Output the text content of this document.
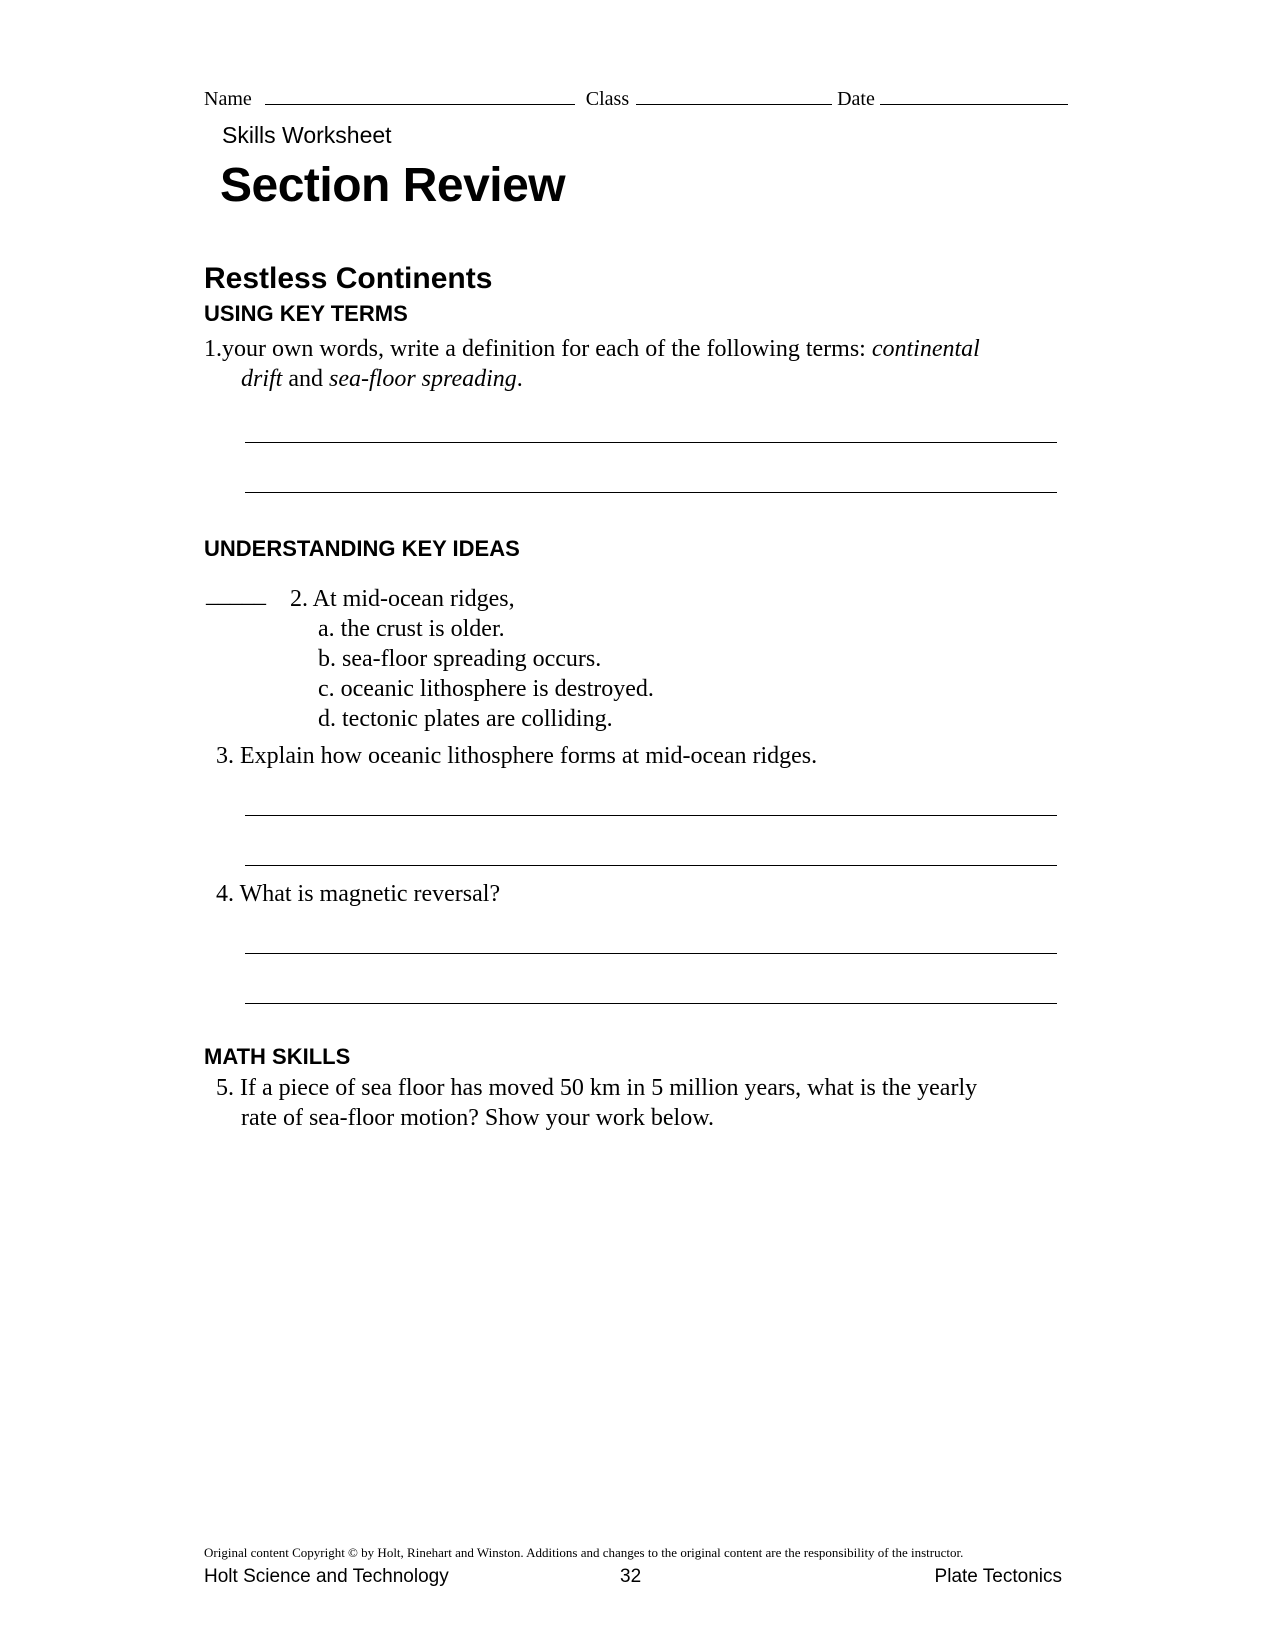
Name	Class	Date
Skills Worksheet
Section Review
Restless Continents
USING KEY TERMS
1.your own words, write a definition for each of the following terms: continental
drift and sea-floor spreading.
UNDERSTANDING KEY IDEAS
_____ 2. At mid-ocean ridges,
a. the crust is older.
b. sea-floor spreading occurs.
c. oceanic lithosphere is destroyed.
d. tectonic plates are colliding.
3. Explain how oceanic lithosphere forms at mid-ocean ridges.
4. What is magnetic reversal?
MATH SKILLS
5. If a piece of sea floor has moved 50 km in 5 million years, what is the yearly
rate of sea-floor motion? Show your work below.
Original content Copyright © by Holt, Rinehart and Winston. Additions and changes to the original content are the responsibility of the instructor.
Holt Science and Technology	32	Plate Tectonics
